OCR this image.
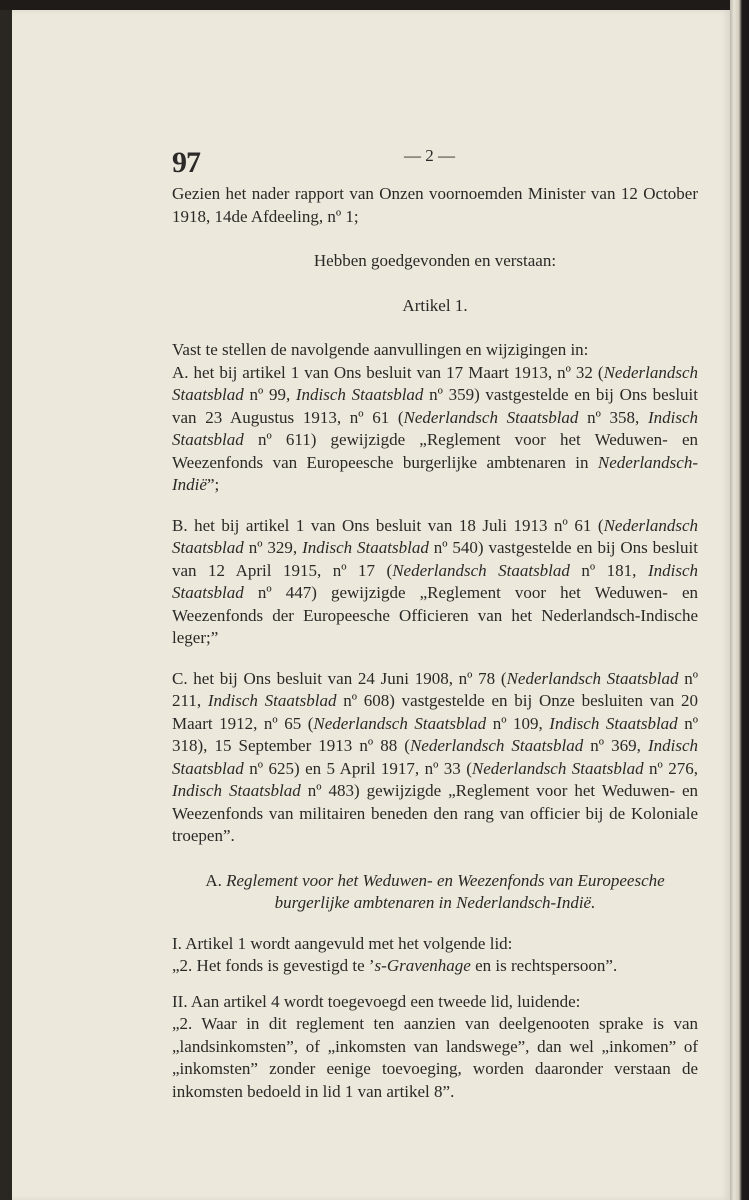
97	— 2 —

Gezien het nader rapport van Onzen voornoemden Minister van 12 October 1918, 14de Afdeeling, nº 1;

Hebben goedgevonden en verstaan:

Artikel 1.

Vast te stellen de navolgende aanvullingen en wijzigingen in:

A. het bij artikel 1 van Ons besluit van 17 Maart 1913, nº 32 (Nederlandsch Staatsblad nº 99, Indisch Staatsblad nº 359) vastgestelde en bij Ons besluit van 23 Augustus 1913, nº 61 (Nederlandsch Staatsblad nº 358, Indisch Staatsblad nº 611) gewijzigde „Reglement voor het Weduwen- en Weezenfonds van Europeesche burgerlijke ambtenaren in Nederlandsch-Indië”;

B. het bij artikel 1 van Ons besluit van 18 Juli 1913 nº 61 (Nederlandsch Staatsblad nº 329, Indisch Staatsblad nº 540) vastgestelde en bij Ons besluit van 12 April 1915, nº 17 (Nederlandsch Staatsblad nº 181, Indisch Staatsblad nº 447) gewijzigde „Reglement voor het Weduwen- en Weezenfonds der Europeesche Officieren van het Nederlandsch-Indische leger;”

C. het bij Ons besluit van 24 Juni 1908, nº 78 (Nederlandsch Staatsblad nº 211, Indisch Staatsblad nº 608) vastgestelde en bij Onze besluiten van 20 Maart 1912, nº 65 (Nederlandsch Staatsblad nº 109, Indisch Staatsblad nº 318), 15 September 1913 nº 88 (Nederlandsch Staatsblad nº 369, Indisch Staatsblad nº 625) en 5 April 1917, nº 33 (Nederlandsch Staatsblad nº 276, Indisch Staatsblad nº 483) gewijzigde „Reglement voor het Weduwen- en Weezenfonds van militairen beneden den rang van officier bij de Koloniale troepen”.

A. Reglement voor het Weduwen- en Weezenfonds van Europeesche burgerlijke ambtenaren in Nederlandsch-Indië.

I. Artikel 1 wordt aangevuld met het volgende lid:

„2. Het fonds is gevestigd te ’s-Gravenhage en is rechtspersoon”.

II. Aan artikel 4 wordt toegevoegd een tweede lid, luidende:

„2. Waar in dit reglement ten aanzien van deelgenooten sprake is van „landsinkomsten”, of „inkomsten van landswege”, dan wel „inkomen” of „inkomsten” zonder eenige toevoeging, worden daaronder verstaan de inkomsten bedoeld in lid 1 van artikel 8”.
